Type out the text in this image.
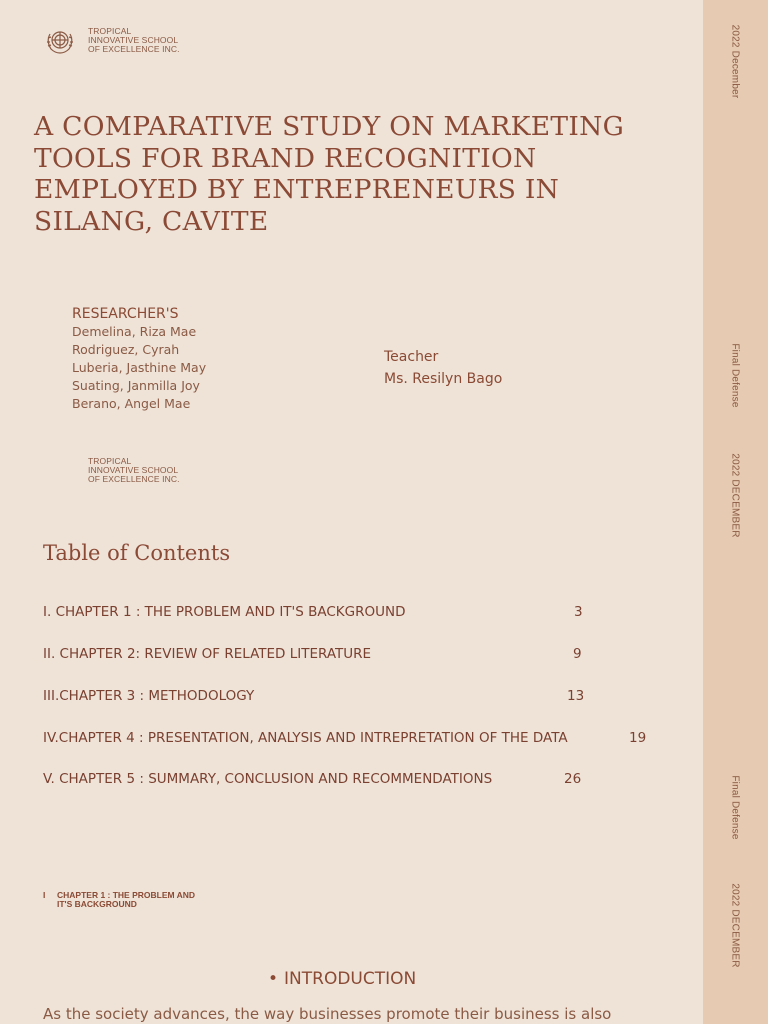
2022 December
Final Defense
2022 DECEMBER
Final Defense
2022 DECEMBER
TROPICAL
INNOVATIVE SCHOOL
OF EXCELLENCE INC.
A COMPARATIVE STUDY ON MARKETING
TOOLS FOR BRAND RECOGNITION
EMPLOYED BY ENTREPRENEURS IN
SILANG, CAVITE
RESEARCHER'S
Demelina, Riza Mae
Rodriguez, Cyrah
Luberia, Jasthine May
Suating, Janmilla Joy
Berano, Angel Mae
Teacher
Ms. Resilyn Bago
TROPICAL
INNOVATIVE SCHOOL
OF EXCELLENCE INC.
Table of Contents
I. CHAPTER 1 : THE PROBLEM AND IT'S BACKGROUND	3
II. CHAPTER 2: REVIEW OF RELATED LITERATURE	9
III.CHAPTER 3 : METHODOLOGY	13
IV.CHAPTER 4 : PRESENTATION, ANALYSIS AND INTREPRETATION OF THE DATA	19
V. CHAPTER 5 : SUMMARY, CONCLUSION AND RECOMMENDATIONS	26
I CHAPTER 1 : THE PROBLEM AND
IT'S BACKGROUND
• INTRODUCTION
As the society advances, the way businesses promote their business is also
